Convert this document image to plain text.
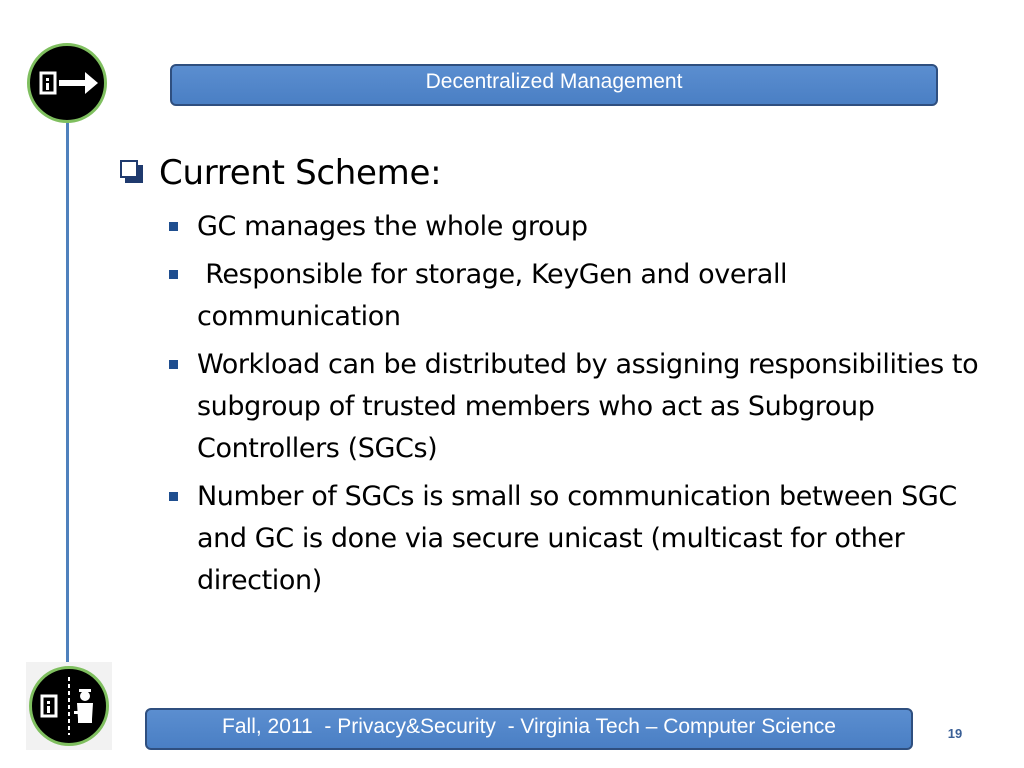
Decentralized Management
Current Scheme:
GC manages the whole group
Responsible for storage, KeyGen and overall communication
Workload can be distributed by assigning responsibilities to subgroup of trusted members who act as Subgroup Controllers (SGCs)
Number of SGCs is small so communication between SGC and GC is done via secure unicast (multicast for other direction)
Fall, 2011  - Privacy&Security  - Virginia Tech – Computer Science	19
